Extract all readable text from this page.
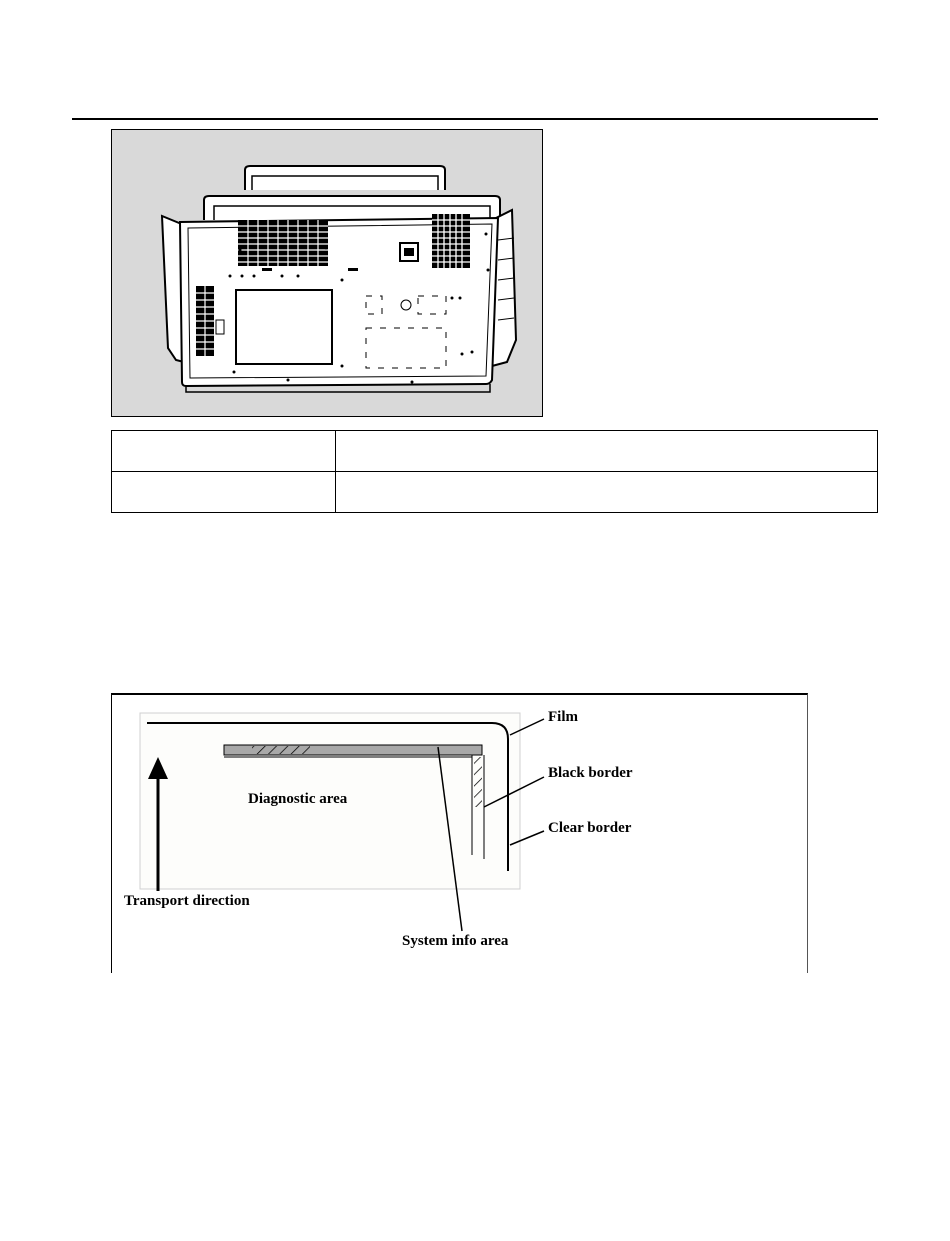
Film
Black border
Clear border
Diagnostic area
Transport direction
System info area
